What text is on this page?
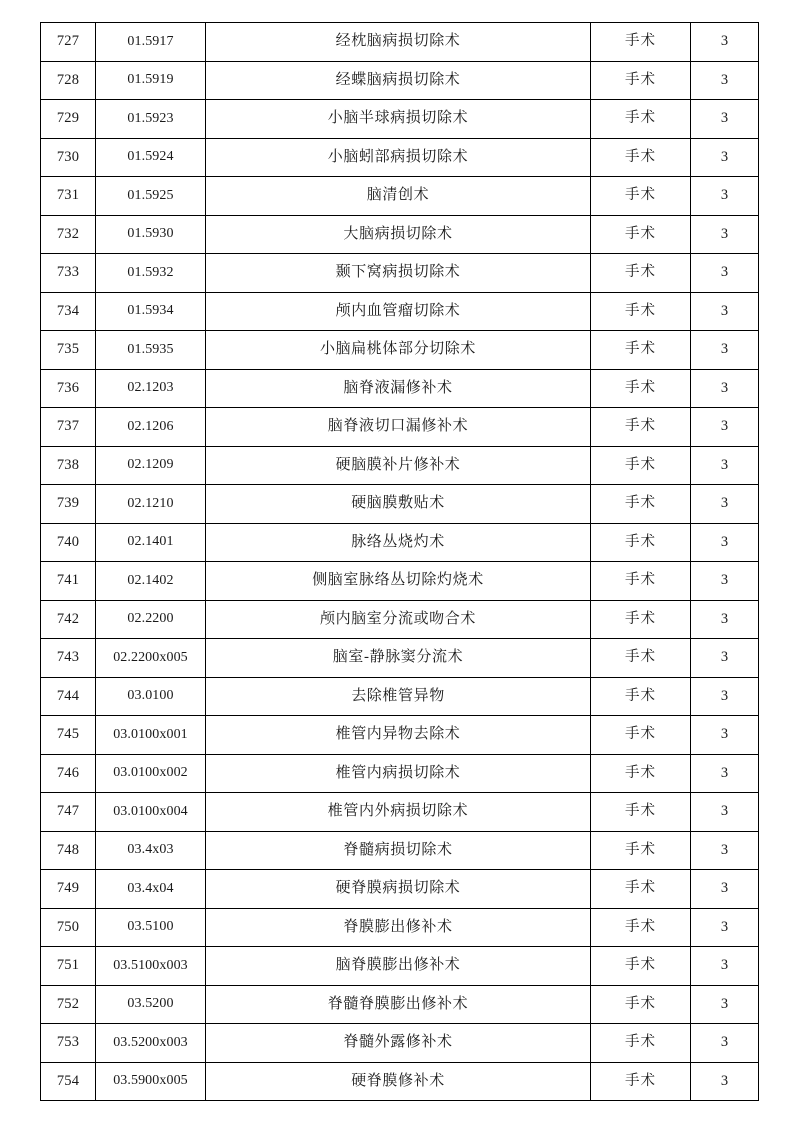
727	01.5917	经枕脑病损切除术	手术	3
728	01.5919	经蝶脑病损切除术	手术	3
729	01.5923	小脑半球病损切除术	手术	3
730	01.5924	小脑蚓部病损切除术	手术	3
731	01.5925	脑清创术	手术	3
732	01.5930	大脑病损切除术	手术	3
733	01.5932	颞下窝病损切除术	手术	3
734	01.5934	颅内血管瘤切除术	手术	3
735	01.5935	小脑扁桃体部分切除术	手术	3
736	02.1203	脑脊液漏修补术	手术	3
737	02.1206	脑脊液切口漏修补术	手术	3
738	02.1209	硬脑膜补片修补术	手术	3
739	02.1210	硬脑膜敷贴术	手术	3
740	02.1401	脉络丛烧灼术	手术	3
741	02.1402	侧脑室脉络丛切除灼烧术	手术	3
742	02.2200	颅内脑室分流或吻合术	手术	3
743	02.2200x005	脑室-静脉窦分流术	手术	3
744	03.0100	去除椎管异物	手术	3
745	03.0100x001	椎管内异物去除术	手术	3
746	03.0100x002	椎管内病损切除术	手术	3
747	03.0100x004	椎管内外病损切除术	手术	3
748	03.4x03	脊髓病损切除术	手术	3
749	03.4x04	硬脊膜病损切除术	手术	3
750	03.5100	脊膜膨出修补术	手术	3
751	03.5100x003	脑脊膜膨出修补术	手术	3
752	03.5200	脊髓脊膜膨出修补术	手术	3
753	03.5200x003	脊髓外露修补术	手术	3
754	03.5900x005	硬脊膜修补术	手术	3
